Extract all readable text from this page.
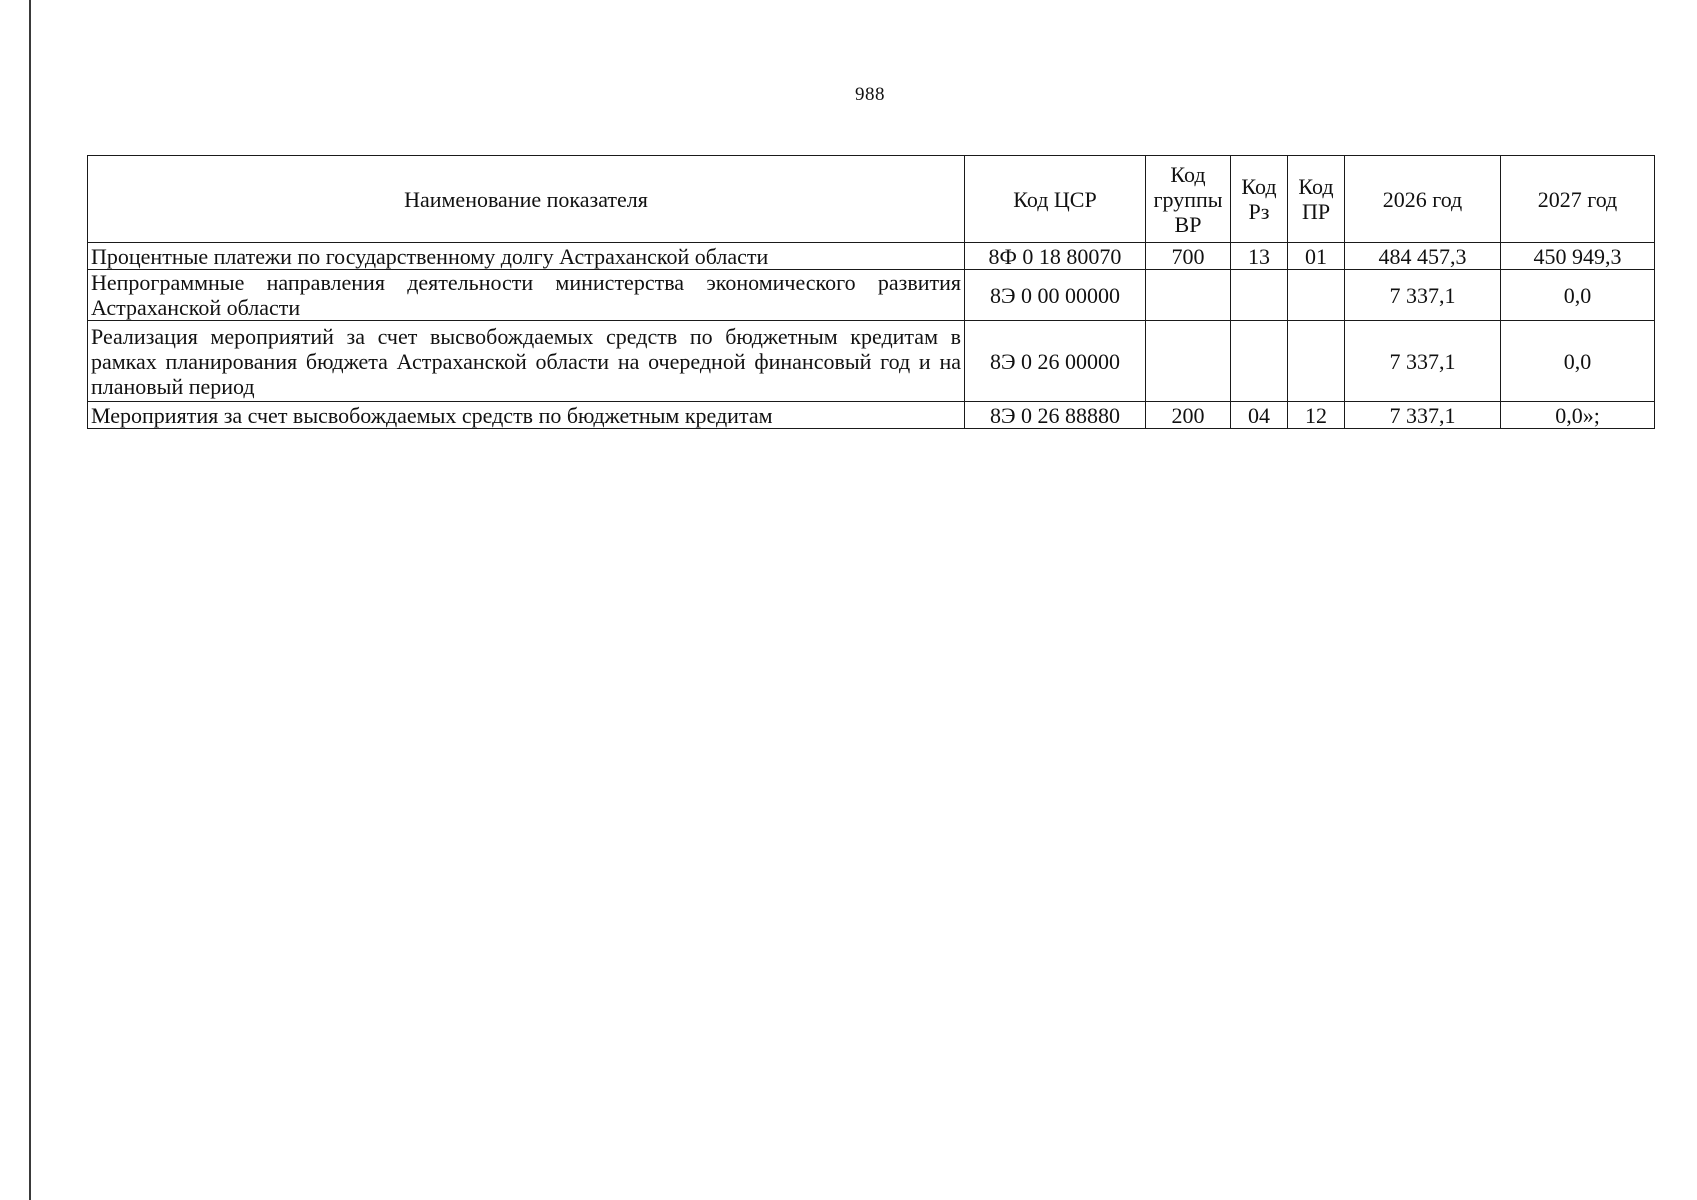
988
Наименование показателя	Код ЦСР	Код группы ВР	Код Рз	Код ПР	2026 год	2027 год
Процентные платежи по государственному долгу Астраханской области	8Ф 0 18 80070	700	13	01	484 457,3	450 949,3
Непрограммные направления деятельности министерства экономического развития Астраханской области	8Э 0 00 00000				7 337,1	0,0
Реализация мероприятий за счет высвобождаемых средств по бюджетным кредитам в рамках планирования бюджета Астраханской области на очередной финансовый год и на плановый период	8Э 0 26 00000				7 337,1	0,0
Мероприятия за счет высвобождаемых средств по бюджетным кредитам	8Э 0 26 88880	200	04	12	7 337,1	0,0»;
